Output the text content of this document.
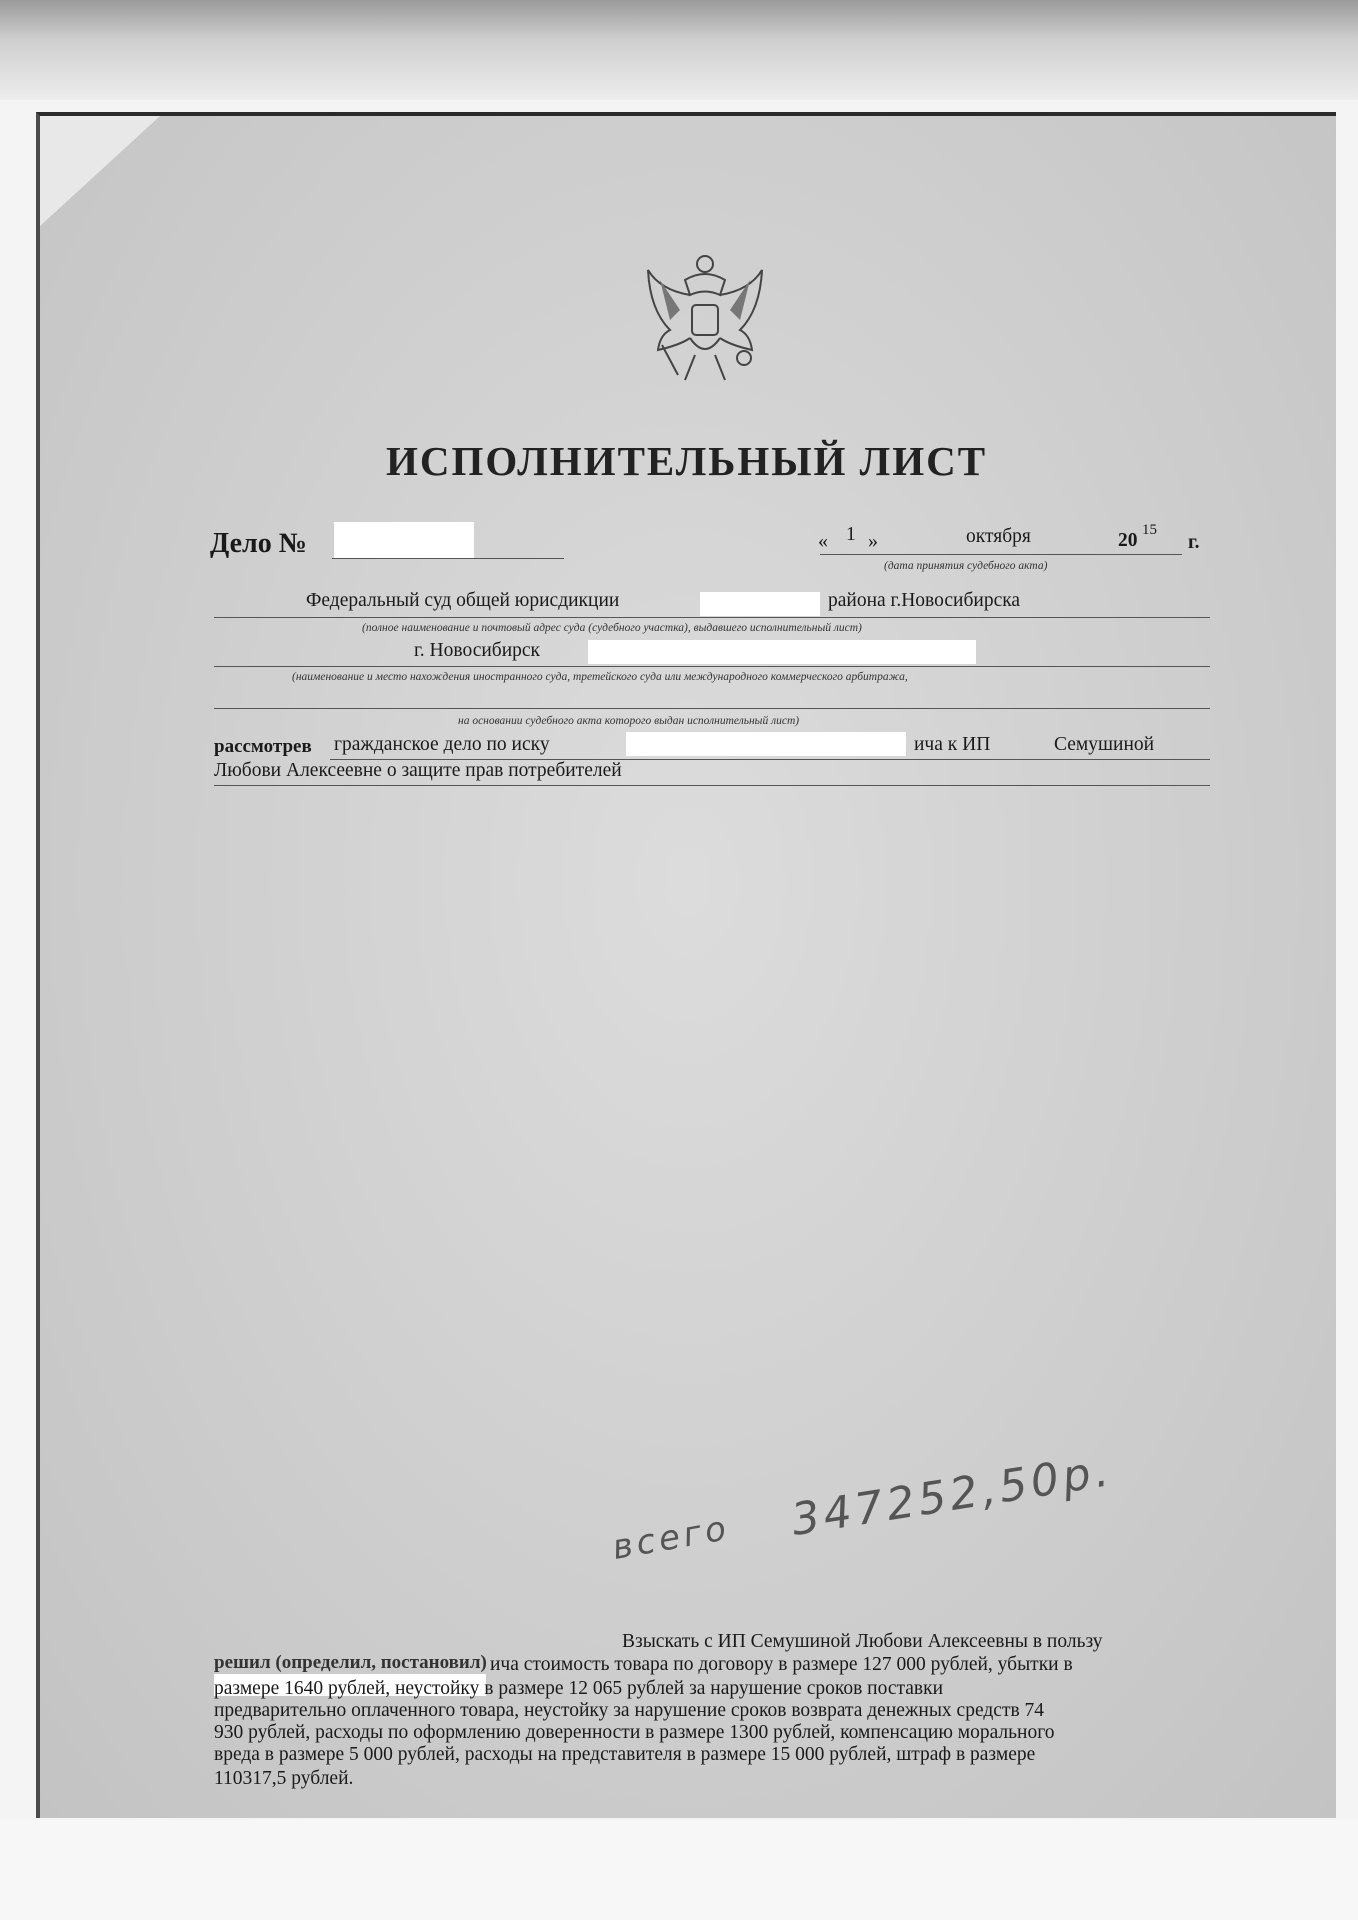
ИСПОЛНИТЕЛЬНЫЙ ЛИСТ
Дело №	« 1 »	октября	20 15
г.
(дата принятия судебного акта)
Федеральный суд общей юрисдикции	района г.Новосибирска
(полное наименование и почтовый адрес суда (судебного участка), выдавшего исполнительный лист)
г. Новосибирск
(наименование и место нахождения иностранного суда, третейского суда или международного коммерческого арбитража,
на основании судебного акта которого выдан исполнительный лист)
рассмотрев гражданское дело по иску	ича к ИП	Семушиной
Любови Алексеевне о защите прав потребителей
всего 347252,50р.
Взыскать с ИП Семушиной Любови Алексеевны в пользу
решил (определил, постановил) ича стоимость товара по договору в размере 127 000 рублей, убытки в
размере 1640 рублей, неустойку в размере 12 065 рублей за нарушение сроков поставки
предварительно оплаченного товара, неустойку за нарушение сроков возврата денежных средств 74
930 рублей, расходы по оформлению доверенности в размере 1300 рублей, компенсацию морального
вреда в размере 5 000 рублей, расходы на представителя в размере 15 000 рублей, штраф в размере
110317,5 рублей.
